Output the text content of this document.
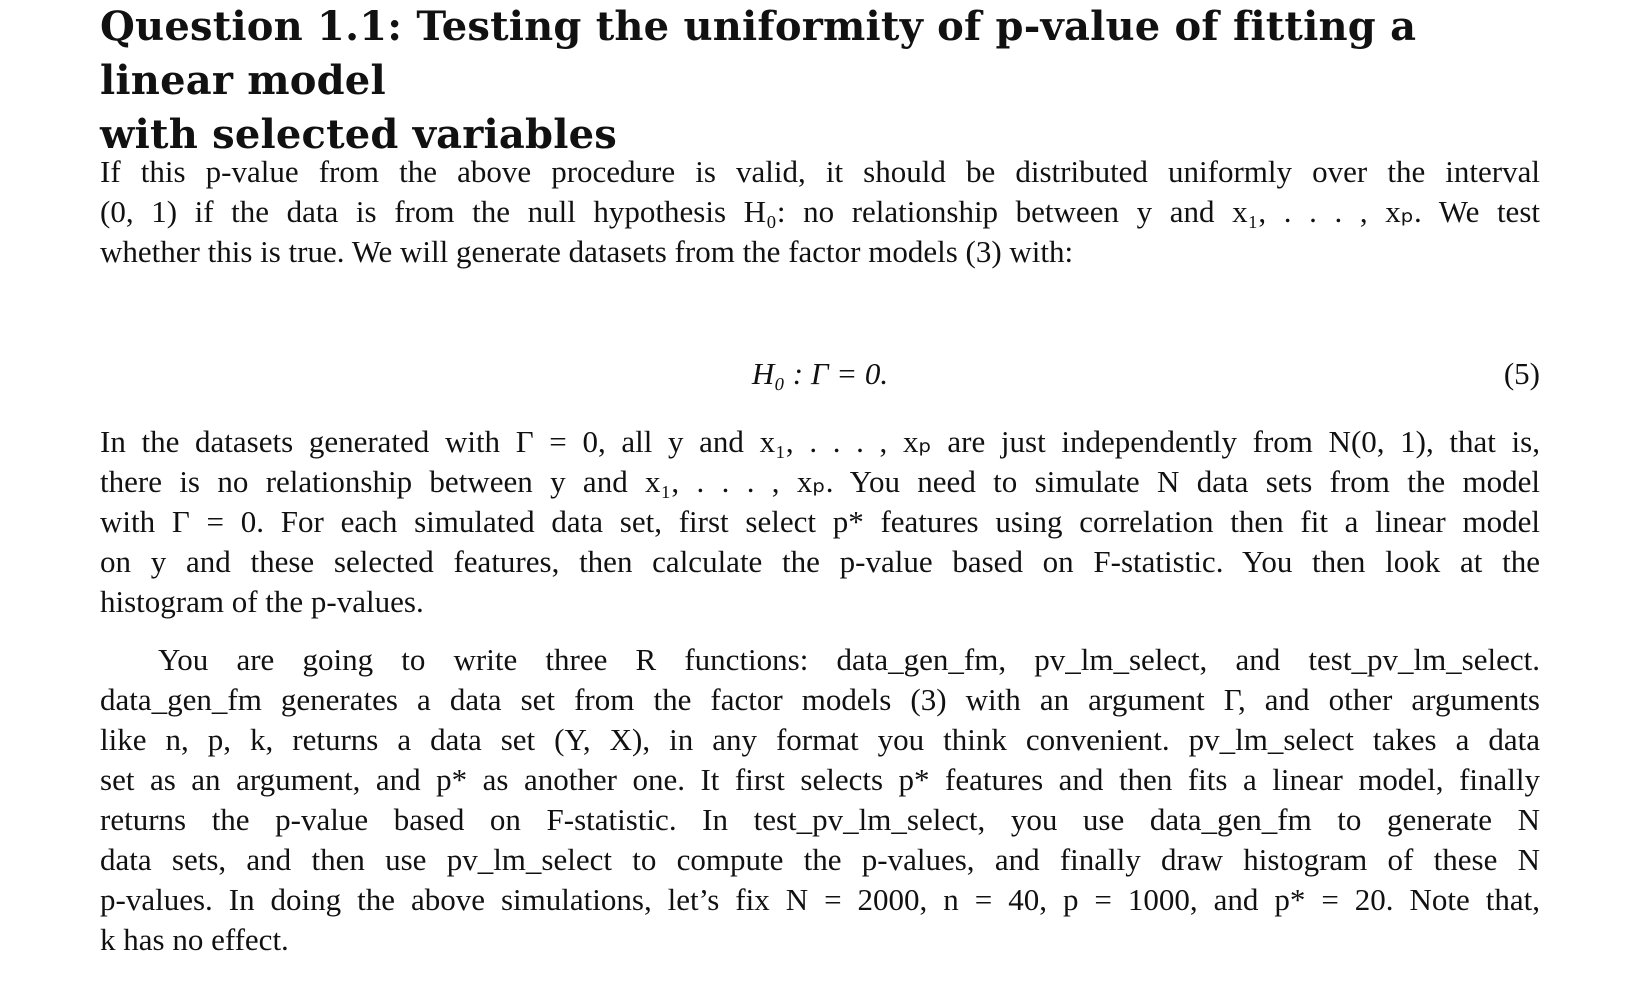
Question 1.1: Testing the uniformity of p-value of fitting a linear model
with selected variables

If this p-value from the above procedure is valid, it should be distributed uniformly over the interval
(0, 1) if the data is from the null hypothesis H₀: no relationship between y and x₁, . . . , xₚ. We test
whether this is true. We will generate datasets from the factor models (3) with:

H₀ : Γ = 0.	(5)

In the datasets generated with Γ = 0, all y and x₁, . . . , xₚ are just independently from N(0, 1), that is,
there is no relationship between y and x₁, . . . , xₚ. You need to simulate N data sets from the model
with Γ = 0. For each simulated data set, first select p* features using correlation then fit a linear model
on y and these selected features, then calculate the p-value based on F-statistic. You then look at the
histogram of the p-values.

You are going to write three R functions: data_gen_fm, pv_lm_select, and test_pv_lm_select.
data_gen_fm generates a data set from the factor models (3) with an argument Γ, and other arguments
like n, p, k, returns a data set (Y, X), in any format you think convenient. pv_lm_select takes a data
set as an argument, and p* as another one. It first selects p* features and then fits a linear model, finally
returns the p-value based on F-statistic. In test_pv_lm_select, you use data_gen_fm to generate N
data sets, and then use pv_lm_select to compute the p-values, and finally draw histogram of these N
p-values. In doing the above simulations, let’s fix N = 2000, n = 40, p = 1000, and p* = 20. Note that,
k has no effect.
